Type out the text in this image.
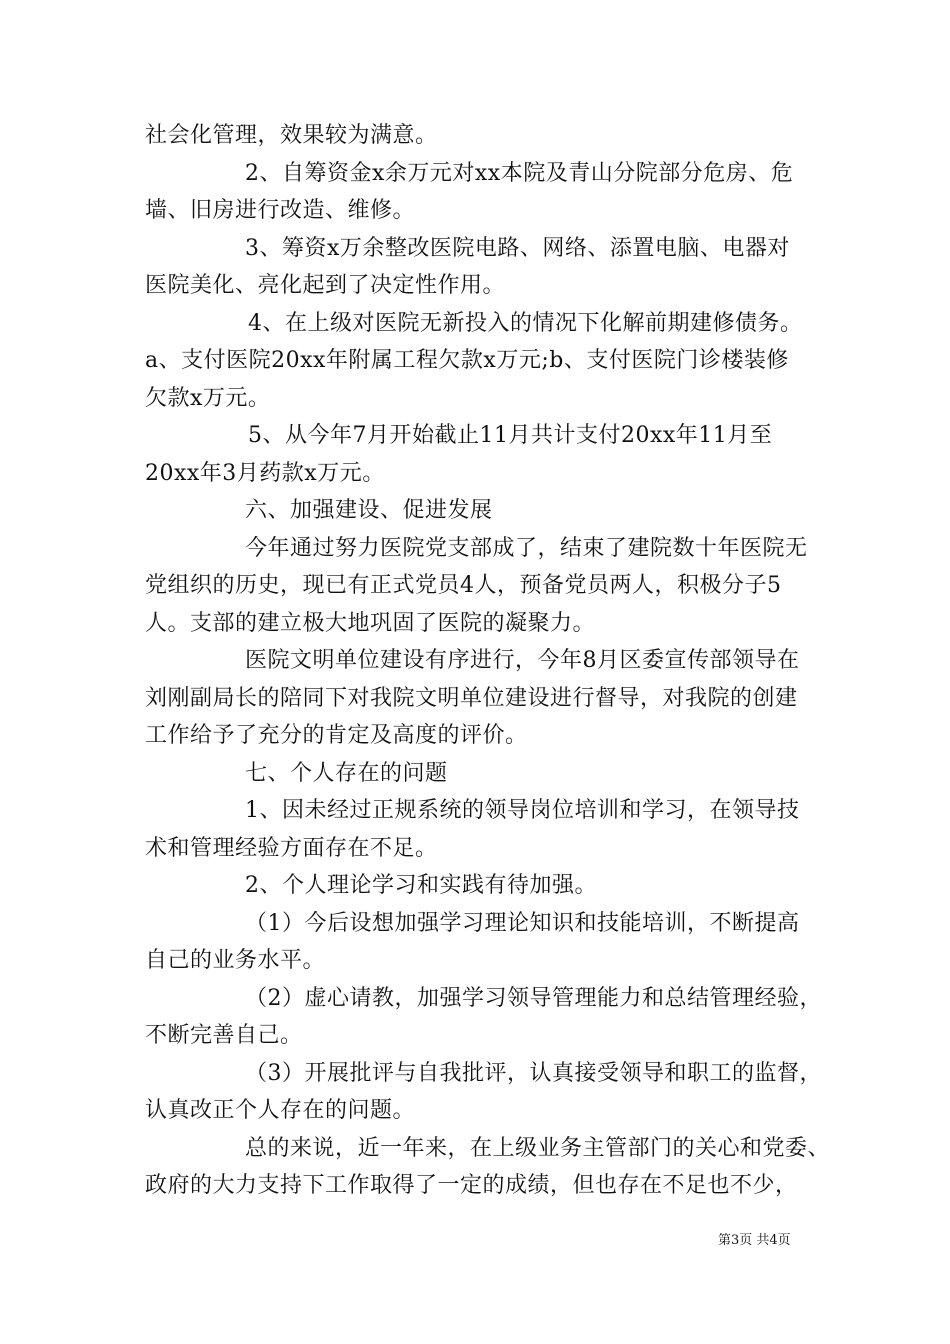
社会化管理，效果较为满意。
2、自筹资金x余万元对xx本院及青山分院部分危房、危
墙、旧房进行改造、维修。
3、筹资x万余整改医院电路、网络、添置电脑、电器对
医院美化、亮化起到了决定性作用。
4、在上级对医院无新投入的情况下化解前期建修债务。
a、支付医院20xx年附属工程欠款x万元;b、支付医院门诊楼装修
欠款x万元。
5、从今年7月开始截止11月共计支付20xx年11月至
20xx年3月药款x万元。
六、加强建设、促进发展
今年通过努力医院党支部成了，结束了建院数十年医院无
党组织的历史，现已有正式党员4人，预备党员两人，积极分子5
人。支部的建立极大地巩固了医院的凝聚力。
医院文明单位建设有序进行，今年8月区委宣传部领导在
刘刚副局长的陪同下对我院文明单位建设进行督导，对我院的创建
工作给予了充分的肯定及高度的评价。
七、个人存在的问题
1、因未经过正规系统的领导岗位培训和学习，在领导技
术和管理经验方面存在不足。
2、个人理论学习和实践有待加强。
（1）今后设想加强学习理论知识和技能培训，不断提高
自己的业务水平。
（2）虚心请教，加强学习领导管理能力和总结管理经验，
不断完善自己。
（3）开展批评与自我批评，认真接受领导和职工的监督，
认真改正个人存在的问题。
总的来说，近一年来，在上级业务主管部门的关心和党委、
政府的大力支持下工作取得了一定的成绩，但也存在不足也不少，
第3页 共4页
